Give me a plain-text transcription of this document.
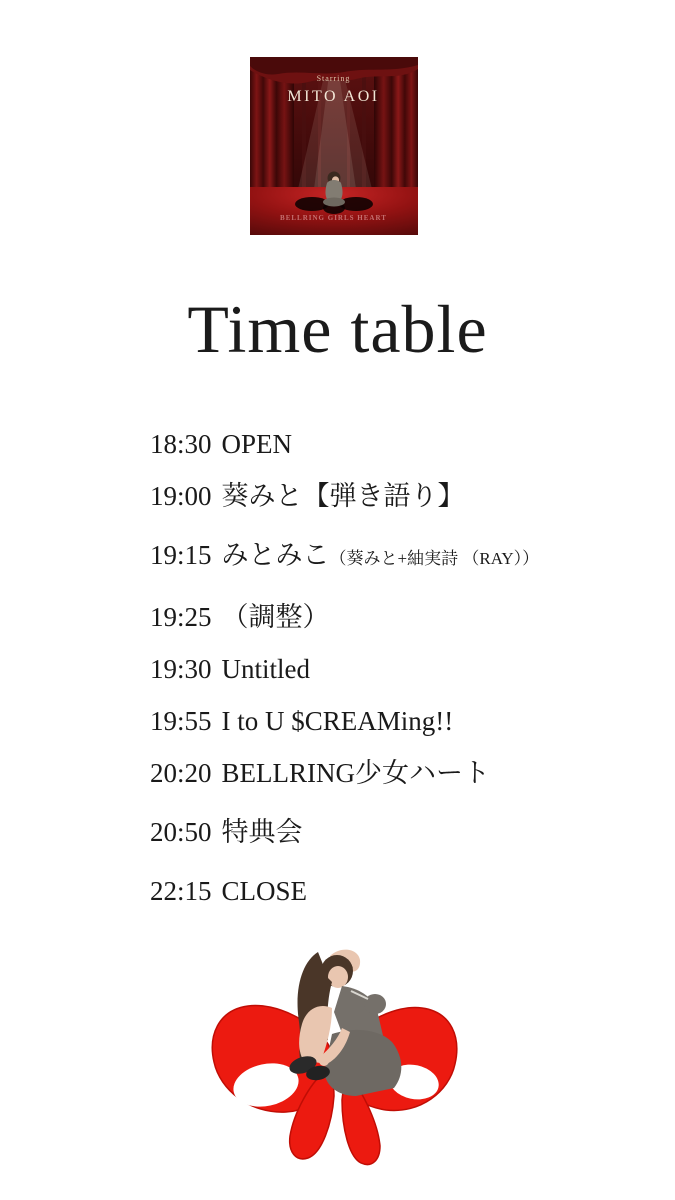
Starring
MITO AOI
BELLRING GIRLS HEART
Time table
18:30 OPEN
19:00 葵みと【弾き語り】
19:15 みとみこ（葵みと+紬実詩 （RAY））
19:25 （調整）
19:30 Untitled
19:55 I to U $CREAMing!!
20:20 BELLRING少女ハート
20:50 特典会
22:15 CLOSE
